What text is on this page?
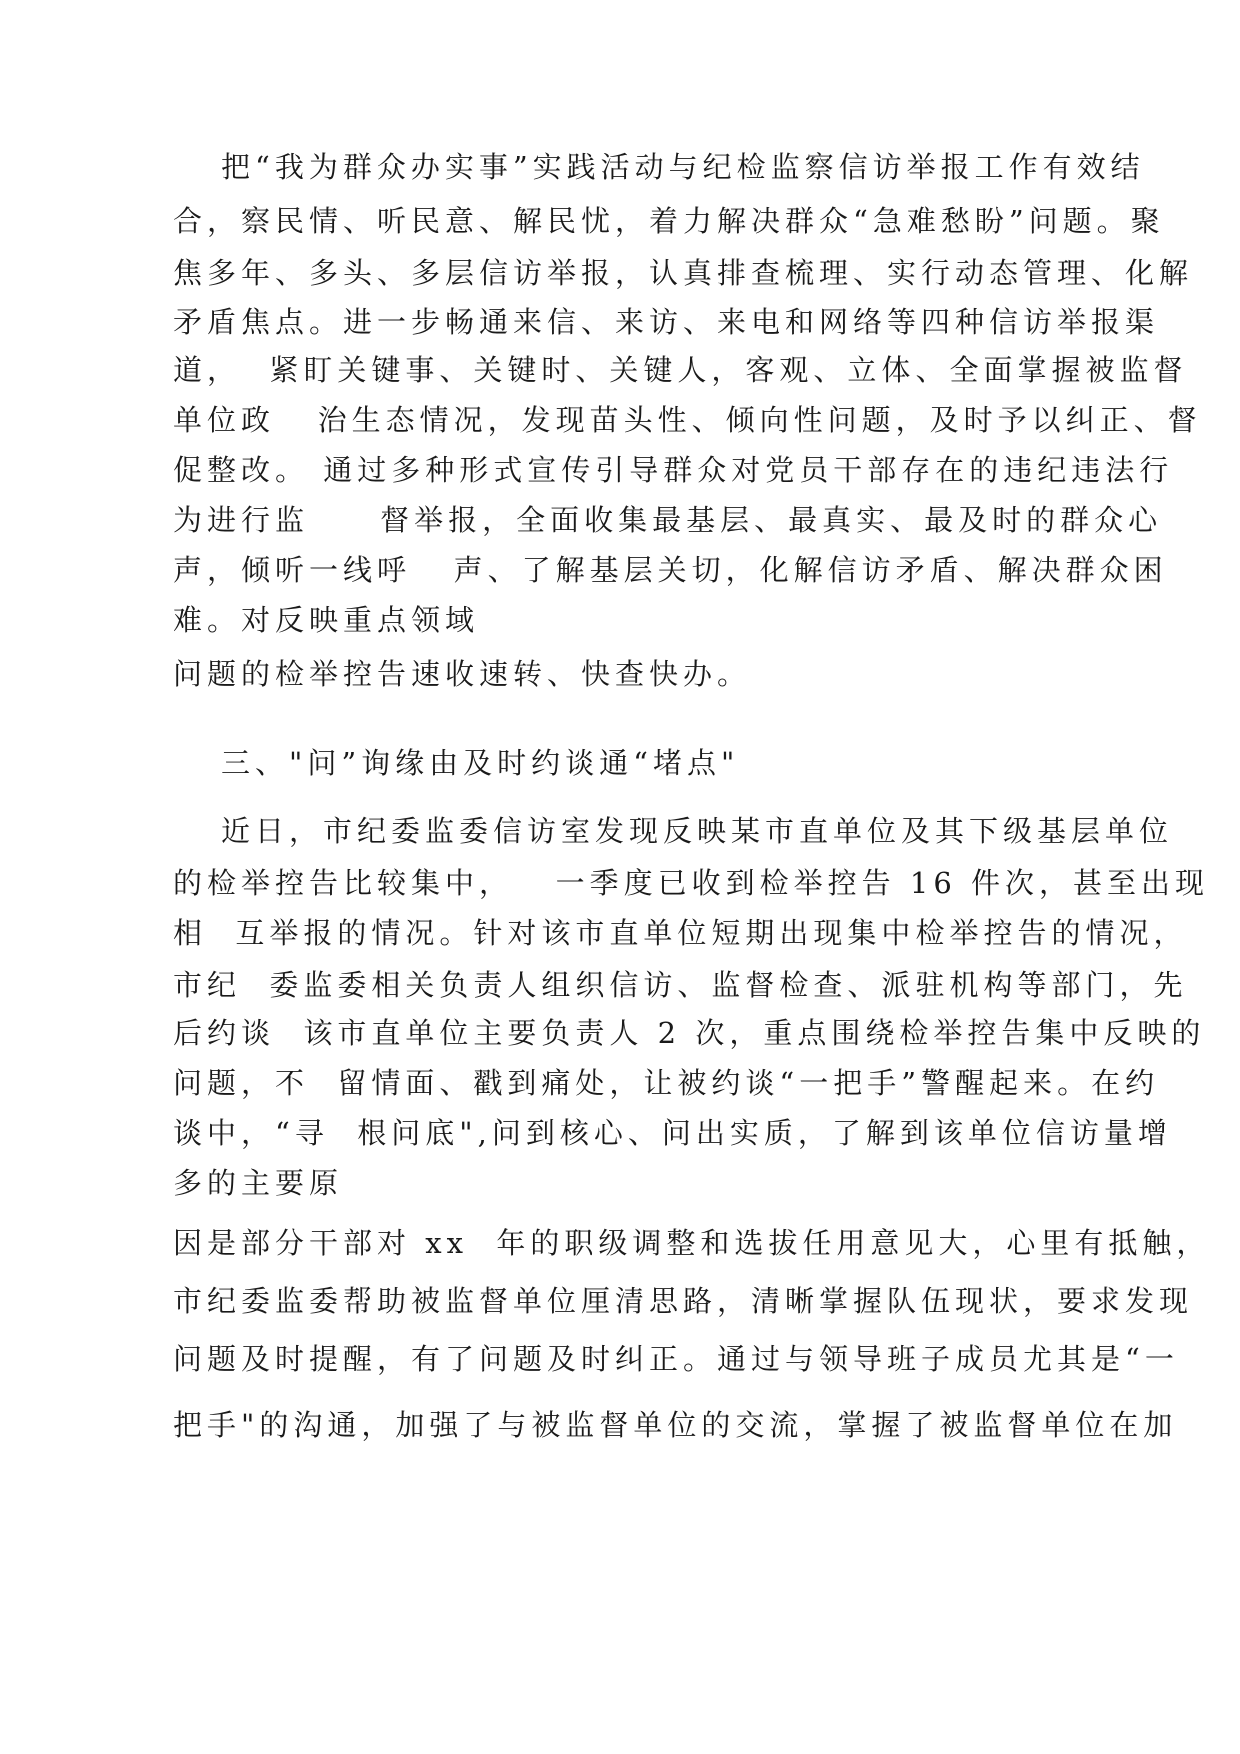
把“我为群众办实事”实践活动与纪检监察信访举报工作有效结
合，察民情、听民意、解民忧，着力解决群众“急难愁盼”问题。聚
焦多年、多头、多层信访举报，认真排查梳理、实行动态管理、化解
矛盾焦点。进一步畅通来信、来访、来电和网络等四种信访举报渠
道，  紧盯关键事、关键时、关键人，客观、立体、全面掌握被监督
单位政   治生态情况，发现苗头性、倾向性问题，及时予以纠正、督
促整改。 通过多种形式宣传引导群众对党员干部存在的违纪违法行
为进行监     督举报，全面收集最基层、最真实、最及时的群众心
声，倾听一线呼   声、了解基层关切，化解信访矛盾、解决群众困
难。对反映重点领域
问题的检举控告速收速转、快查快办。
三、"问”询缘由及时约谈通“堵点"
近日，市纪委监委信访室发现反映某市直单位及其下级基层单位
的检举控告比较集中，   一季度已收到检举控告 16 件次，甚至出现
相  互举报的情况。针对该市直单位短期出现集中检举控告的情况，
市纪  委监委相关负责人组织信访、监督检查、派驻机构等部门，先
后约谈  该市直单位主要负责人 2 次，重点围绕检举控告集中反映的
问题，不  留情面、戳到痛处，让被约谈“一把手”警醒起来。在约
谈中，“寻  根问底",问到核心、问出实质，了解到该单位信访量增
多的主要原
因是部分干部对 xx  年的职级调整和选拔任用意见大，心里有抵触，
市纪委监委帮助被监督单位厘清思路，清晰掌握队伍现状，要求发现
问题及时提醒，有了问题及时纠正。通过与领导班子成员尤其是“一
把手"的沟通，加强了与被监督单位的交流，掌握了被监督单位在加
